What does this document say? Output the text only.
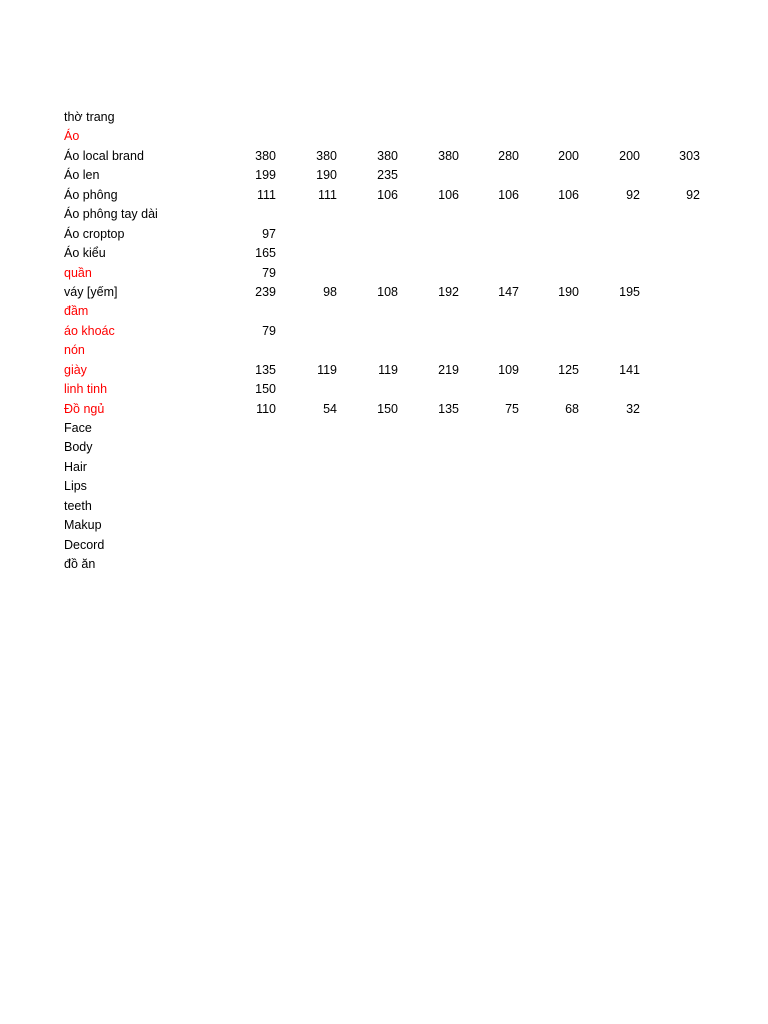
thờ trang
Áo
Áo local brand	380	380	380	380	280	200	200	303
Áo len	199	190	235
Áo phông	111	111	106	106	106	106	92	92
Áo phông tay dài
Áo croptop	97
Áo kiểu	165
quần	79
váy [yếm]	239	98	108	192	147	190	195
đầm
áo khoác	79
nón
giày	135	119	119	219	109	125	141
linh tinh	150
Đồ ngủ	110	54	150	135	75	68	32
Face
Body
Hair
Lips
teeth
Makup
Decord
đồ ăn
